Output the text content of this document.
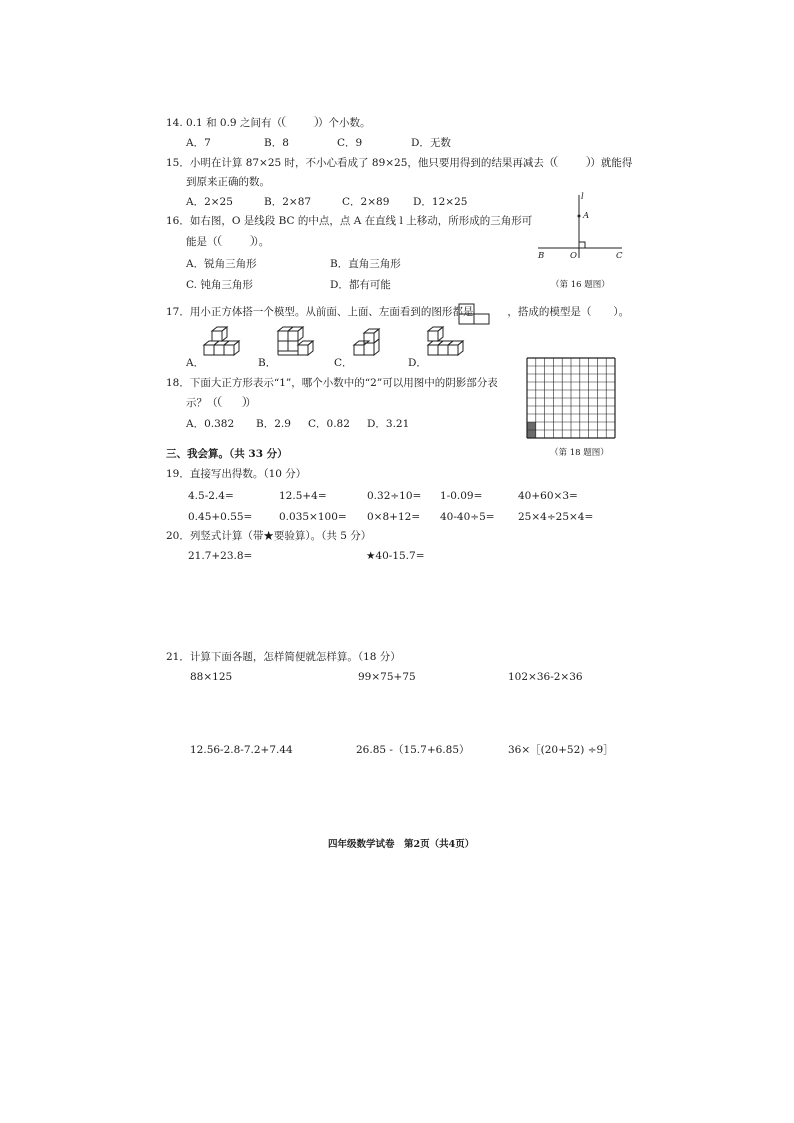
14. 0.1 和 0.9 之间有（	）个小数。
A．7	B．8	C．9	D．无数
15．小明在计算 87×25 时，不小心看成了 89×25，他只要用得到的结果再减去（	）就能得
到原来正确的数。
A．2×25	B．2×87	C．2×89 D．12×25
16．如右图，O 是线段 BC 的中点，点 A 在直线 l 上移动，所形成的三角形可
能是（	）。
A．锐角三角形	B．直角三角形
C. 钝角三角形	D．都有可能
l
A
B	O	C
（第 16 题图）
17．用小正方体搭一个模型。从前面、上面、左面看到的图形都是	，搭成的模型是（ ）。
A．	B．	C．	D．
18．下面大正方形表示“1”，哪个小数中的“2”可以用图中的阴影部分表
示？（	）
A．0.382 B．2.9 C．0.82 D．3.21
（第 18 题图）
三、我会算。（共 33 分）
19．直接写出得数。（10 分）
4.5-2.4=	12.5+4=	0.32÷10= 1-0.09=	40+60×3=
0.45+0.55=	0.035×100= 0×8+12= 40-40÷5= 25×4÷25×4=
20．列竖式计算（带★要验算）。（共 5 分）
21.7+23.8=	★40-15.7=
21．计算下面各题，怎样简便就怎样算。（18 分）
88×125	99×75+75	102×36-2×36
12.56-2.8-7.2+7.44	26.85 -（15.7+6.85）	36×［(20+52) ÷9］
四年级数学试卷　第2页（共4页）
